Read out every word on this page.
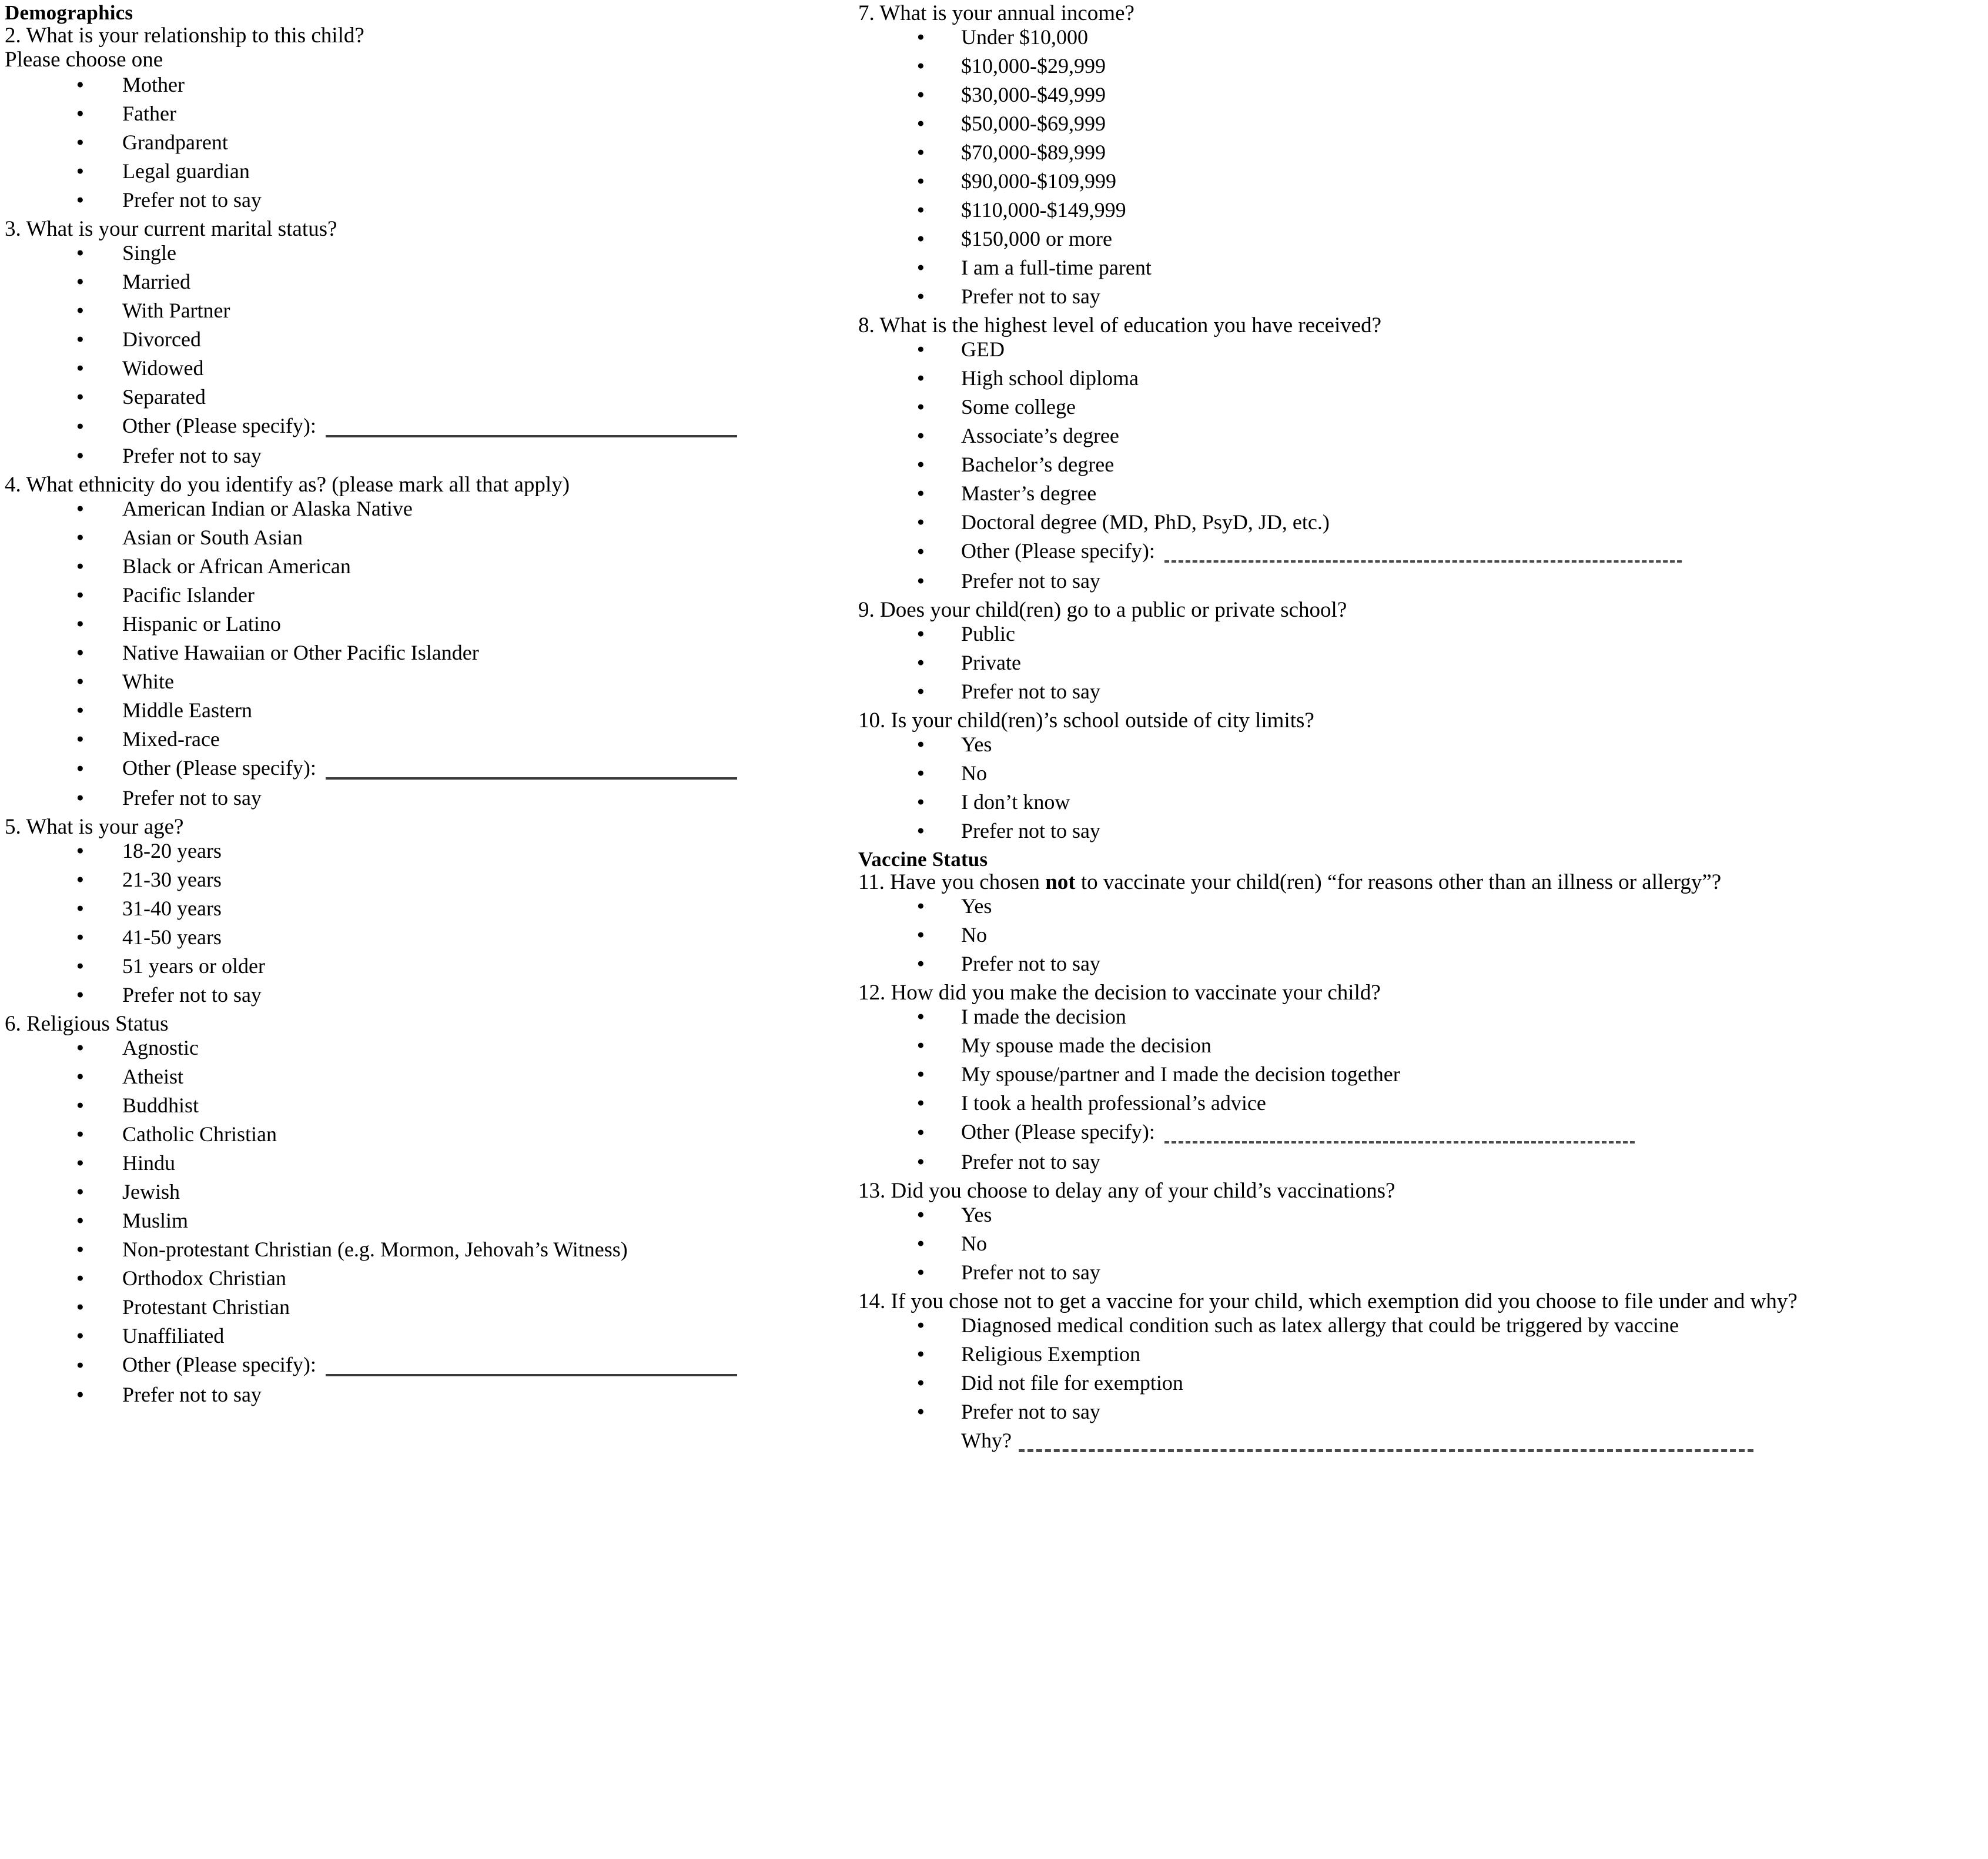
Demographics
2. What is your relationship to this child?
Please choose one
● Mother
● Father
● Grandparent
● Legal guardian
● Prefer not to say
3. What is your current marital status?
● Single
● Married
● With Partner
● Divorced
● Widowed
● Separated
● Other (Please specify):
● Prefer not to say
4. What ethnicity do you identify as? (please mark all that apply)
● American Indian or Alaska Native
● Asian or South Asian
● Black or African American
● Pacific Islander
● Hispanic or Latino
● Native Hawaiian or Other Pacific Islander
● White
● Middle Eastern
● Mixed-race
● Other (Please specify):
● Prefer not to say
5. What is your age?
● 18-20 years
● 21-30 years
● 31-40 years
● 41-50 years
● 51 years or older
● Prefer not to say
6. Religious Status
● Agnostic
● Atheist
● Buddhist
● Catholic Christian
● Hindu
● Jewish
● Muslim
● Non-protestant Christian (e.g. Mormon, Jehovah’s Witness)
● Orthodox Christian
● Protestant Christian
● Unaffiliated
● Other (Please specify):
● Prefer not to say
7. What is your annual income?
● Under $10,000
● $10,000-$29,999
● $30,000-$49,999
● $50,000-$69,999
● $70,000-$89,999
● $90,000-$109,999
● $110,000-$149,999
● $150,000 or more
● I am a full-time parent
● Prefer not to say
8. What is the highest level of education you have received?
● GED
● High school diploma
● Some college
● Associate’s degree
● Bachelor’s degree
● Master’s degree
● Doctoral degree (MD, PhD, PsyD, JD, etc.)
● Other (Please specify):
● Prefer not to say
9. Does your child(ren) go to a public or private school?
● Public
● Private
● Prefer not to say
10. Is your child(ren)’s school outside of city limits?
● Yes
● No
● I don’t know
● Prefer not to say
Vaccine Status
11. Have you chosen not to vaccinate your child(ren) “for reasons other than an illness or allergy”?
● Yes
● No
● Prefer not to say
12. How did you make the decision to vaccinate your child?
● I made the decision
● My spouse made the decision
● My spouse/partner and I made the decision together
● I took a health professional’s advice
● Other (Please specify):
● Prefer not to say
13. Did you choose to delay any of your child’s vaccinations?
● Yes
● No
● Prefer not to say
14. If you chose not to get a vaccine for your child, which exemption did you choose to file under and why?
● Diagnosed medical condition such as latex allergy that could be triggered by vaccine
● Religious Exemption
● Did not file for exemption
● Prefer not to say
Why?
